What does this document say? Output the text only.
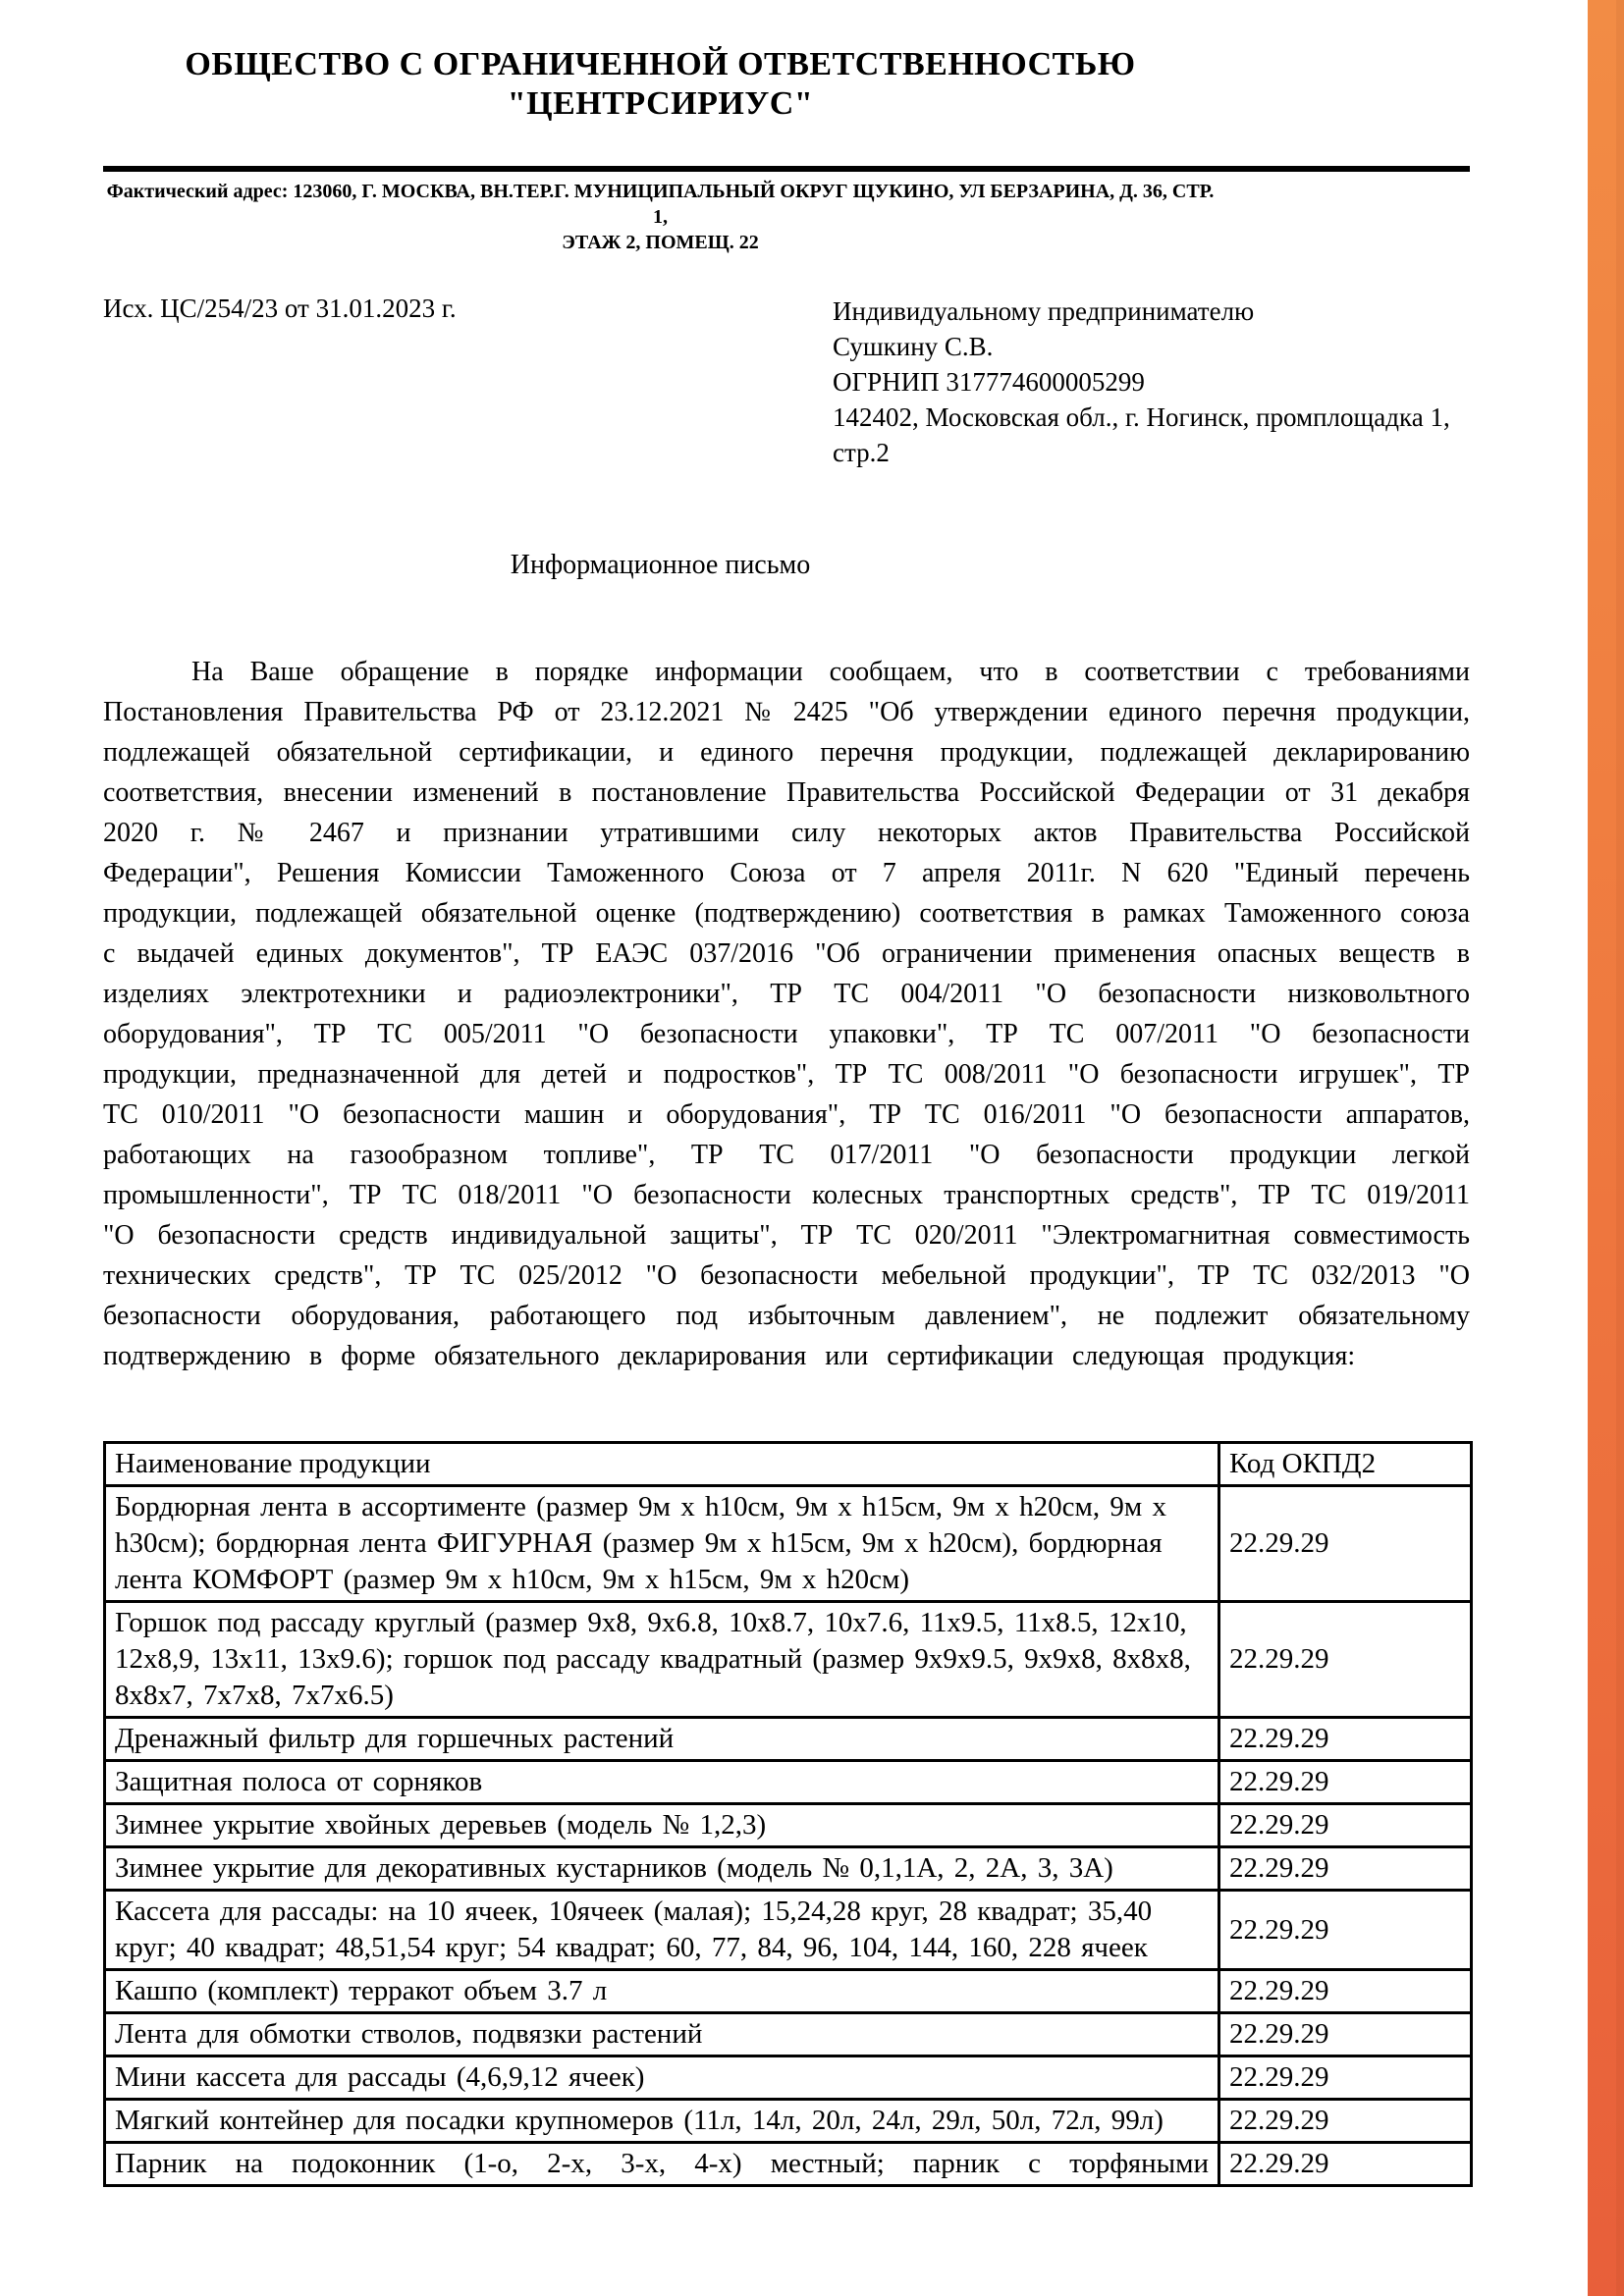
ОБЩЕСТВО С ОГРАНИЧЕННОЙ ОТВЕТСТВЕННОСТЬЮ
"ЦЕНТРСИРИУС"
Фактический адрес: 123060, Г. МОСКВА, ВН.ТЕР.Г. МУНИЦИПАЛЬНЫЙ ОКРУГ ЩУКИНО, УЛ БЕРЗАРИНА, Д. 36, СТР. 1,
ЭТАЖ 2, ПОМЕЩ. 22
Исх. ЦС/254/23 от 31.01.2023 г.	Индивидуальному предпринимателю
Сушкину С.В.
ОГРНИП 317774600005299
142402, Московская обл., г. Ногинск, промплощадка 1,
стр.2
Информационное письмо
На Ваше обращение в порядке информации сообщаем, что в соответствии с требованиями Постановления Правительства РФ от 23.12.2021 № 2425 "Об утверждении единого перечня продукции, подлежащей обязательной сертификации, и единого перечня продукции, подлежащей декларированию соответствия, внесении изменений в постановление Правительства Российской Федерации от 31 декабря 2020 г. № 2467 и признании утратившими силу некоторых актов Правительства Российской Федерации", Решения Комиссии Таможенного Союза от 7 апреля 2011г. N 620 "Единый перечень продукции, подлежащей обязательной оценке (подтверждению) соответствия в рамках Таможенного союза с выдачей единых документов", ТР ЕАЭС 037/2016 "Об ограничении применения опасных веществ в изделиях электротехники и радиоэлектроники", ТР ТС 004/2011 "О безопасности низковольтного оборудования", ТР ТС 005/2011 "О безопасности упаковки", ТР ТС 007/2011 "О безопасности продукции, предназначенной для детей и подростков", ТР ТС 008/2011 "О безопасности игрушек", ТР ТС 010/2011 "О безопасности машин и оборудования", ТР ТС 016/2011 "О безопасности аппаратов, работающих на газообразном топливе", ТР ТС 017/2011 "О безопасности продукции легкой промышленности", ТР ТС 018/2011 "О безопасности колесных транспортных средств", ТР ТС 019/2011 "О безопасности средств индивидуальной защиты", ТР ТС 020/2011 "Электромагнитная совместимость технических средств", ТР ТС 025/2012 "О безопасности мебельной продукции", ТР ТС 032/2013 "О безопасности оборудования, работающего под избыточным давлением", не подлежит обязательному подтверждению в форме обязательного декларирования или сертификации следующая продукция:
Наименование продукции	Код ОКПД2
Бордюрная лента в ассортименте (размер 9м х h10см, 9м х h15см, 9м х h20см, 9м х h30см); бордюрная лента ФИГУРНАЯ (размер 9м х h15см, 9м х h20см), бордюрная лента КОМФОРТ (размер 9м х h10см, 9м х h15см, 9м х h20см)	22.29.29
Горшок под рассаду круглый (размер 9х8, 9х6.8, 10х8.7, 10х7.6, 11х9.5, 11х8.5, 12х10, 12х8,9, 13х11, 13х9.6); горшок под рассаду квадратный (размер 9х9х9.5, 9х9х8, 8х8х8, 8х8х7, 7х7х8, 7х7х6.5)	22.29.29
Дренажный фильтр для горшечных растений	22.29.29
Защитная полоса от сорняков	22.29.29
Зимнее укрытие хвойных деревьев (модель № 1,2,3)	22.29.29
Зимнее укрытие для декоративных кустарников (модель № 0,1,1А, 2, 2А, 3, 3А)	22.29.29
Кассета для рассады: на 10 ячеек, 10ячеек (малая); 15,24,28 круг, 28 квадрат; 35,40 круг; 40 квадрат; 48,51,54 круг; 54 квадрат; 60, 77, 84, 96, 104, 144, 160, 228 ячеек	22.29.29
Кашпо (комплект) терракот объем 3.7 л	22.29.29
Лента для обмотки стволов, подвязки растений	22.29.29
Мини кассета для рассады (4,6,9,12 ячеек)	22.29.29
Мягкий контейнер для посадки крупномеров (11л, 14л, 20л, 24л, 29л, 50л, 72л, 99л)	22.29.29
Парник на подоконник (1-о, 2-х, 3-х, 4-х) местный; парник с торфяными	22.29.29
